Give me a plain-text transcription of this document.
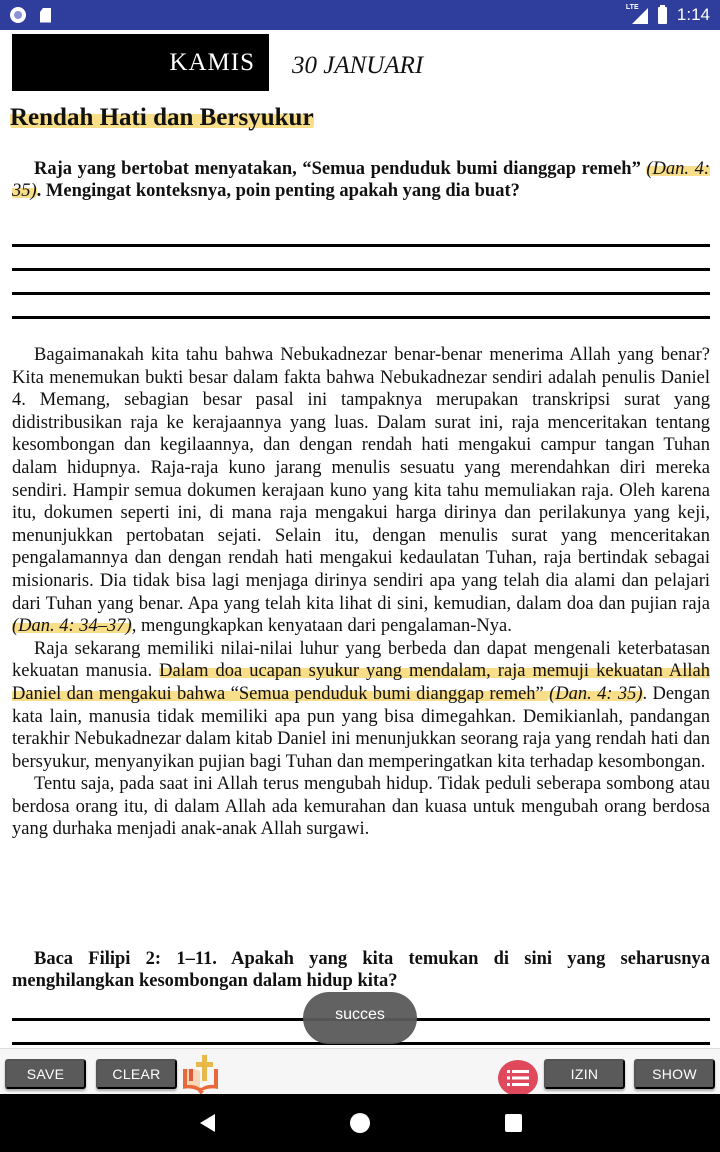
LTE 1:14
KAMIS 30 JANUARI
Rendah Hati dan Bersyukur
Raja yang bertobat menyatakan, “Semua penduduk bumi dianggap remeh” (Dan. 4: 35). Mengingat konteksnya, poin penting apakah yang dia buat?

Bagaimanakah kita tahu bahwa Nebukadnezar benar-benar menerima Allah yang benar? Kita menemukan bukti besar dalam fakta bahwa Nebukadnezar sendiri adalah penulis Daniel 4. Memang, sebagian besar pasal ini tampaknya merupakan transkripsi surat yang didistribusikan raja ke kerajaannya yang luas. Dalam surat ini, raja menceritakan tentang kesombongan dan kegilaannya, dan dengan rendah hati mengakui campur tangan Tuhan dalam hidupnya. Raja-raja kuno jarang menulis sesuatu yang merendahkan diri mereka sendiri. Hampir semua dokumen kerajaan kuno yang kita tahu memuliakan raja. Oleh karena itu, dokumen seperti ini, di mana raja mengakui harga dirinya dan perilakunya yang keji, menunjukkan pertobatan sejati. Selain itu, dengan menulis surat yang menceritakan pengalamannya dan dengan rendah hati mengakui kedaulatan Tuhan, raja bertindak sebagai misionaris. Dia tidak bisa lagi menjaga dirinya sendiri apa yang telah dia alami dan pelajari dari Tuhan yang benar. Apa yang telah kita lihat di sini, kemudian, dalam doa dan pujian raja (Dan. 4: 34–37), mengungkapkan kenyataan dari pengalaman-Nya.

Raja sekarang memiliki nilai-nilai luhur yang berbeda dan dapat mengenali keterbatasan kekuatan manusia. Dalam doa ucapan syukur yang mendalam, raja memuji kekuatan Allah Daniel dan mengakui bahwa “Semua penduduk bumi dianggap remeh” (Dan. 4: 35). Dengan kata lain, manusia tidak memiliki apa pun yang bisa dimegahkan. Demikianlah, pandangan terakhir Nebukadnezar dalam kitab Daniel ini menunjukkan seorang raja yang rendah hati dan bersyukur, menyanyikan pujian bagi Tuhan dan memperingatkan kita terhadap kesombongan.

Tentu saja, pada saat ini Allah terus mengubah hidup. Tidak peduli seberapa sombong atau berdosa orang itu, di dalam Allah ada kemurahan dan kuasa untuk mengubah orang berdosa yang durhaka menjadi anak-anak Allah surgawi.

Baca Filipi 2: 1–11. Apakah yang kita temukan di sini yang seharusnya menghilangkan kesombongan dalam hidup kita?
succes
SAVE	CLEAR	IZIN	SHOW
